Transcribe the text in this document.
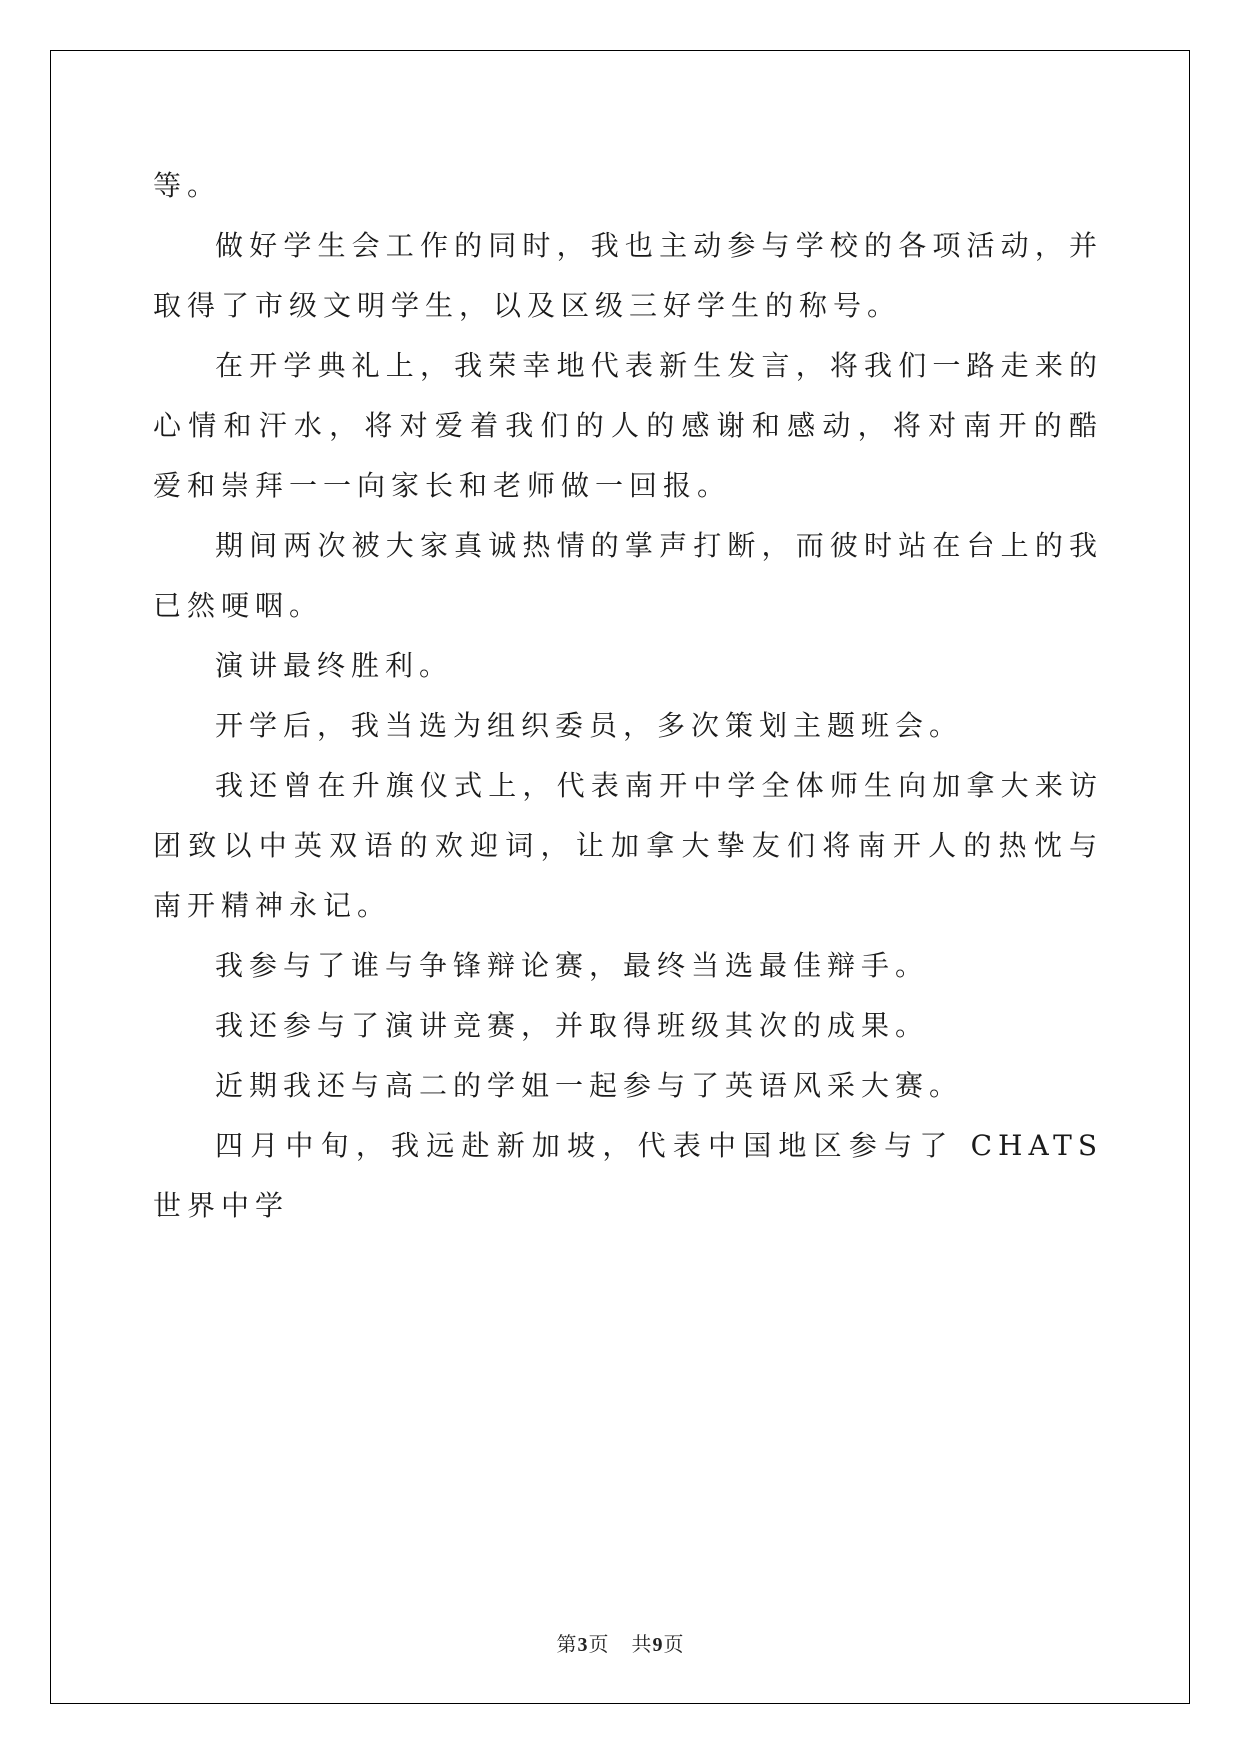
等。

做好学生会工作的同时，我也主动参与学校的各项活动，并取得了市级文明学生，以及区级三好学生的称号。

在开学典礼上，我荣幸地代表新生发言，将我们一路走来的心情和汗水，将对爱着我们的人的感谢和感动，将对南开的酷爱和崇拜一一向家长和老师做一回报。

期间两次被大家真诚热情的掌声打断，而彼时站在台上的我已然哽咽。

演讲最终胜利。

开学后，我当选为组织委员，多次策划主题班会。

我还曾在升旗仪式上，代表南开中学全体师生向加拿大来访团致以中英双语的欢迎词，让加拿大挚友们将南开人的热忱与南开精神永记。

我参与了谁与争锋辩论赛，最终当选最佳辩手。

我还参与了演讲竞赛，并取得班级其次的成果。

近期我还与高二的学姐一起参与了英语风采大赛。

四月中旬，我远赴新加坡，代表中国地区参与了 CHATS 世界中学

第3页 共9页
